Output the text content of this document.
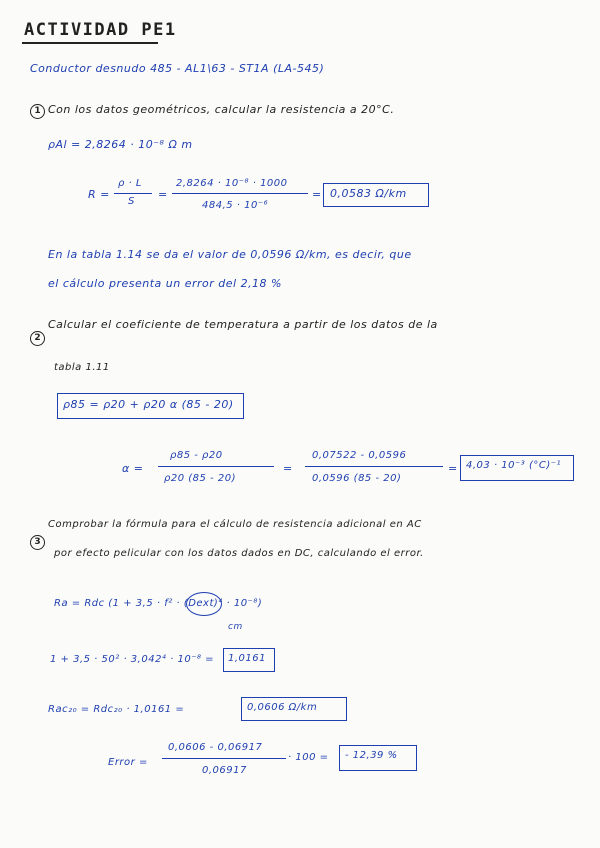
ACTIVIDAD PE1
Conductor desnudo 485 - AL1\63 - ST1A (LA-545)
1 Con los datos geométricos, calcular la resistencia a 20°C.
ρAl = 2,8264 · 10⁻⁸ Ω m
R =
ρ · L
S
=
2,8264 · 10⁻⁸ · 1000
484,5 · 10⁻⁶
= 0,0583 Ω/km
En la tabla 1.14 se da el valor de 0,0596 Ω/km, es decir, que
el cálculo presenta un error del 2,18 %
2
Calcular el coeficiente de temperatura a partir de los datos de la
tabla 1.11
ρ85 = ρ20 + ρ20 α (85 - 20)
α =
ρ85 - ρ20
ρ20 (85 - 20)
=
0,07522 - 0,0596
0,0596 (85 - 20)
= 4,03 · 10⁻³ (°C)⁻¹
3
Comprobar la fórmula para el cálculo de resistencia adicional en AC
por efecto pelicular con los datos dados en DC, calculando el error.
Ra = Rdc (1 + 3,5 · f² · (Dext)⁴ · 10⁻⁸)
cm
1 + 3,5 · 50² · 3,042⁴ · 10⁻⁸ = 1,0161
Rac₂₀ = Rdc₂₀ · 1,0161 =	0,0606 Ω/km
Error =
0,0606 - 0,06917
0,06917
· 100 = - 12,39 %
